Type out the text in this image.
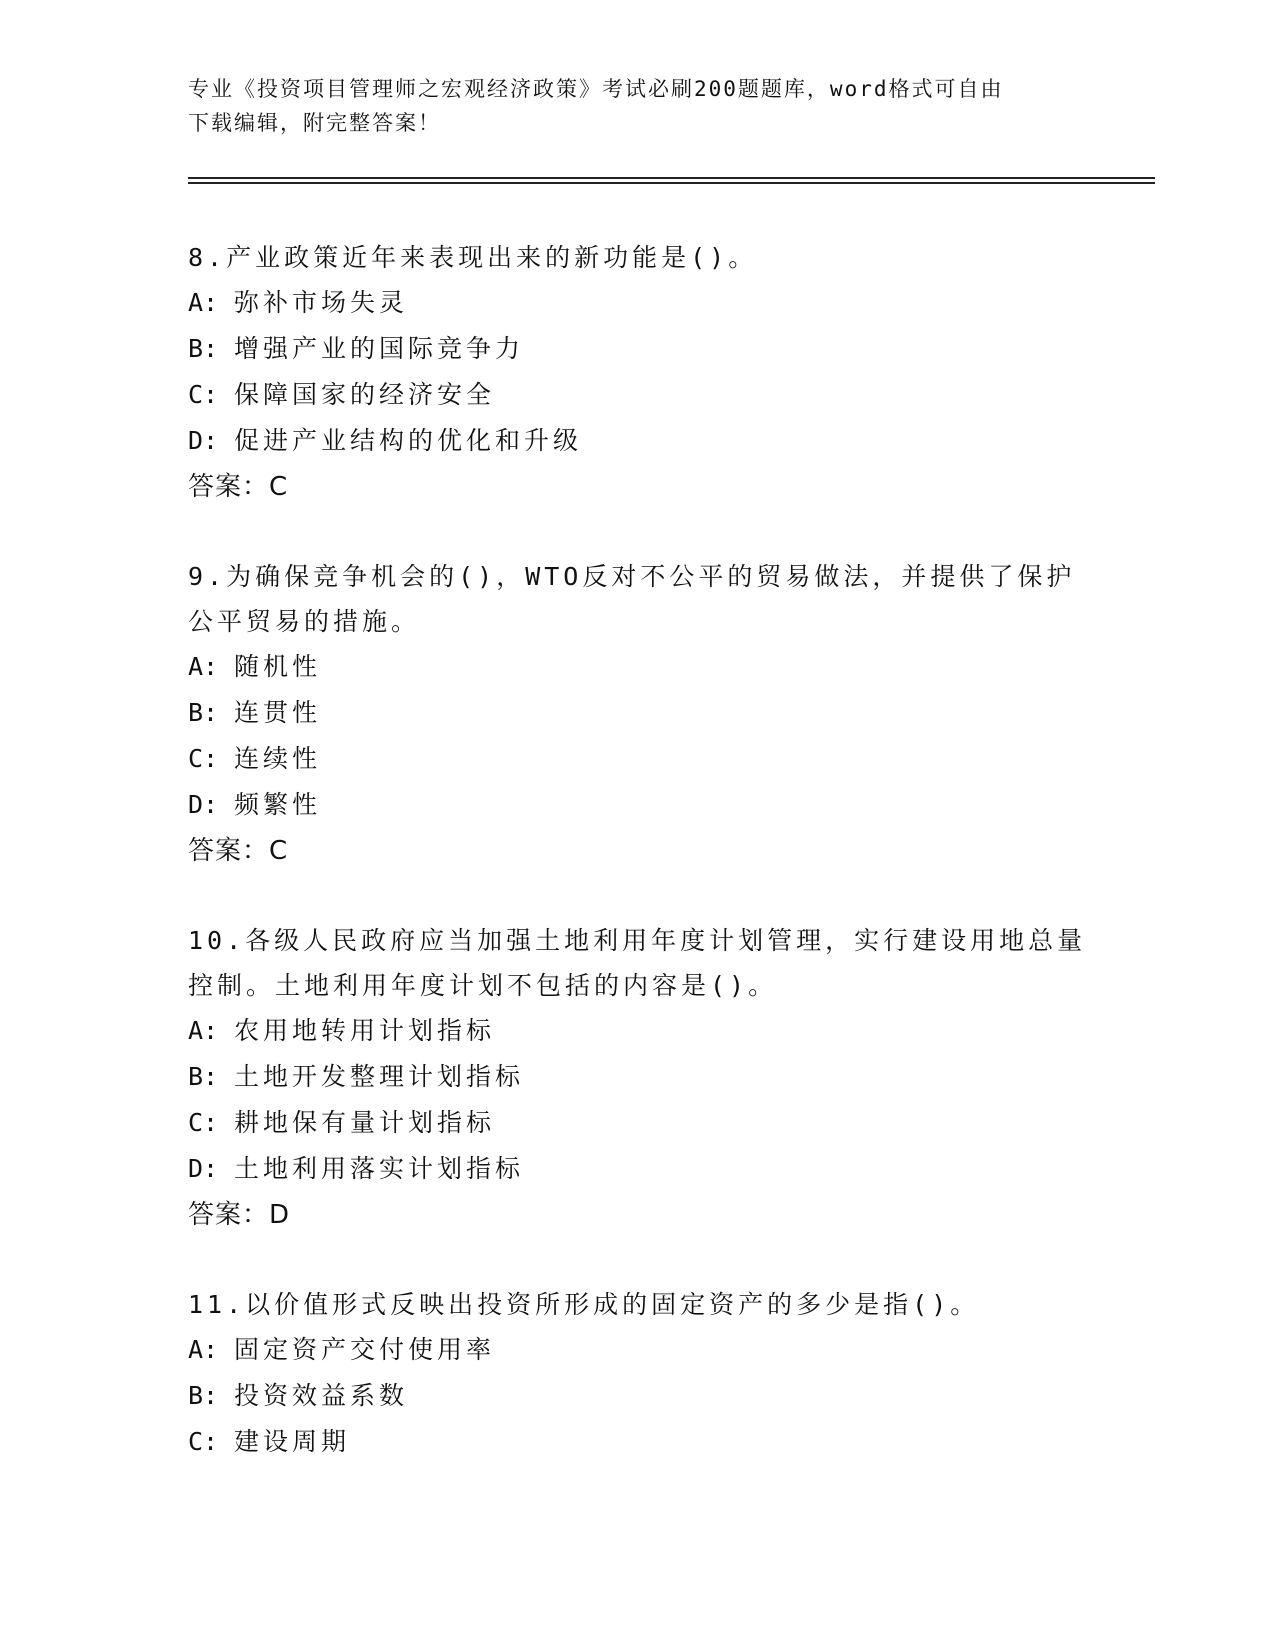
专业《投资项目管理师之宏观经济政策》考试必刷200题题库，word格式可自由
下载编辑，附完整答案！
8.产业政策近年来表现出来的新功能是()。
A: 弥补市场失灵
B: 增强产业的国际竞争力
C: 保障国家的经济安全
D: 促进产业结构的优化和升级
答案：C
9.为确保竞争机会的()，WTO反对不公平的贸易做法，并提供了保护公平贸易的措施。
A: 随机性
B: 连贯性
C: 连续性
D: 频繁性
答案：C
10.各级人民政府应当加强土地利用年度计划管理，实行建设用地总量控制。土地利用年度计划不包括的内容是()。
A: 农用地转用计划指标
B: 土地开发整理计划指标
C: 耕地保有量计划指标
D: 土地利用落实计划指标
答案：D
11.以价值形式反映出投资所形成的固定资产的多少是指()。
A: 固定资产交付使用率
B: 投资效益系数
C: 建设周期
